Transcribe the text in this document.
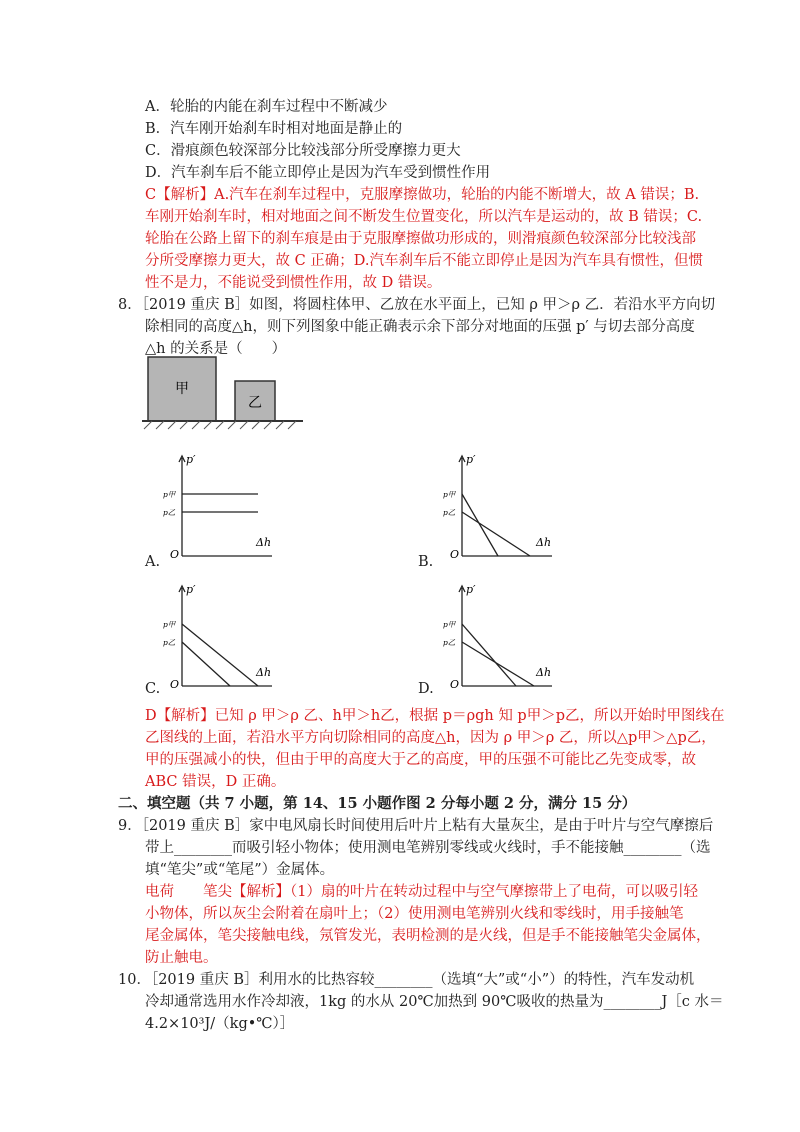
A．轮胎的内能在刹车过程中不断减少
B．汽车刚开始刹车时相对地面是静止的
C．滑痕颜色较深部分比较浅部分所受摩擦力更大
D．汽车刹车后不能立即停止是因为汽车受到惯性作用
C【解析】A.汽车在刹车过程中，克服摩擦做功，轮胎的内能不断增大，故 A 错误；B.
车刚开始刹车时，相对地面之间不断发生位置变化，所以汽车是运动的，故 B 错误；C.
轮胎在公路上留下的刹车痕是由于克服摩擦做功形成的，则滑痕颜色较深部分比较浅部
分所受摩擦力更大，故 C 正确；D.汽车刹车后不能立即停止是因为汽车具有惯性，但惯
性不是力，不能说受到惯性作用，故 D 错误。
8．［2019 重庆 B］如图，将圆柱体甲、乙放在水平面上，已知 ρ 甲＞ρ 乙．若沿水平方向切
除相同的高度△h，则下列图象中能正确表示余下部分对地面的压强 p′ 与切去部分高度
△h 的关系是（　　）
甲
乙
p′
p甲
p乙
O
Δh
A.
p′
p甲
p乙
O
Δh
B.
p′
p甲
p乙
O
Δh
C.
p′
p甲
p乙
O
Δh
D.
D【解析】已知 ρ 甲＞ρ 乙、h甲＞h乙，根据 p＝ρgh 知 p甲＞p乙，所以开始时甲图线在
乙图线的上面，若沿水平方向切除相同的高度△h，因为 ρ 甲＞ρ 乙，所以△p甲＞△p乙，
甲的压强减小的快，但由于甲的高度大于乙的高度，甲的压强不可能比乙先变成零，故
ABC 错误，D 正确。
二、填空题（共 7 小题，第 14、15 小题作图 2 分每小题 2 分，满分 15 分）
9．［2019 重庆 B］家中电风扇长时间使用后叶片上粘有大量灰尘，是由于叶片与空气摩擦后
带上________而吸引轻小物体；使用测电笔辨别零线或火线时，手不能接触________（选
填“笔尖”或“笔尾”）金属体。
电荷　　笔尖【解析】（1）扇的叶片在转动过程中与空气摩擦带上了电荷，可以吸引轻
小物体，所以灰尘会附着在扇叶上；（2）使用测电笔辨别火线和零线时，用手接触笔
尾金属体，笔尖接触电线，氖管发光，表明检测的是火线，但是手不能接触笔尖金属体，
防止触电。
10．［2019 重庆 B］利用水的比热容较________（选填“大”或“小”）的特性，汽车发动机
冷却通常选用水作冷却液，1kg 的水从 20℃加热到 90℃吸收的热量为________J［c 水＝
4.2×10³J/（kg•℃）］
